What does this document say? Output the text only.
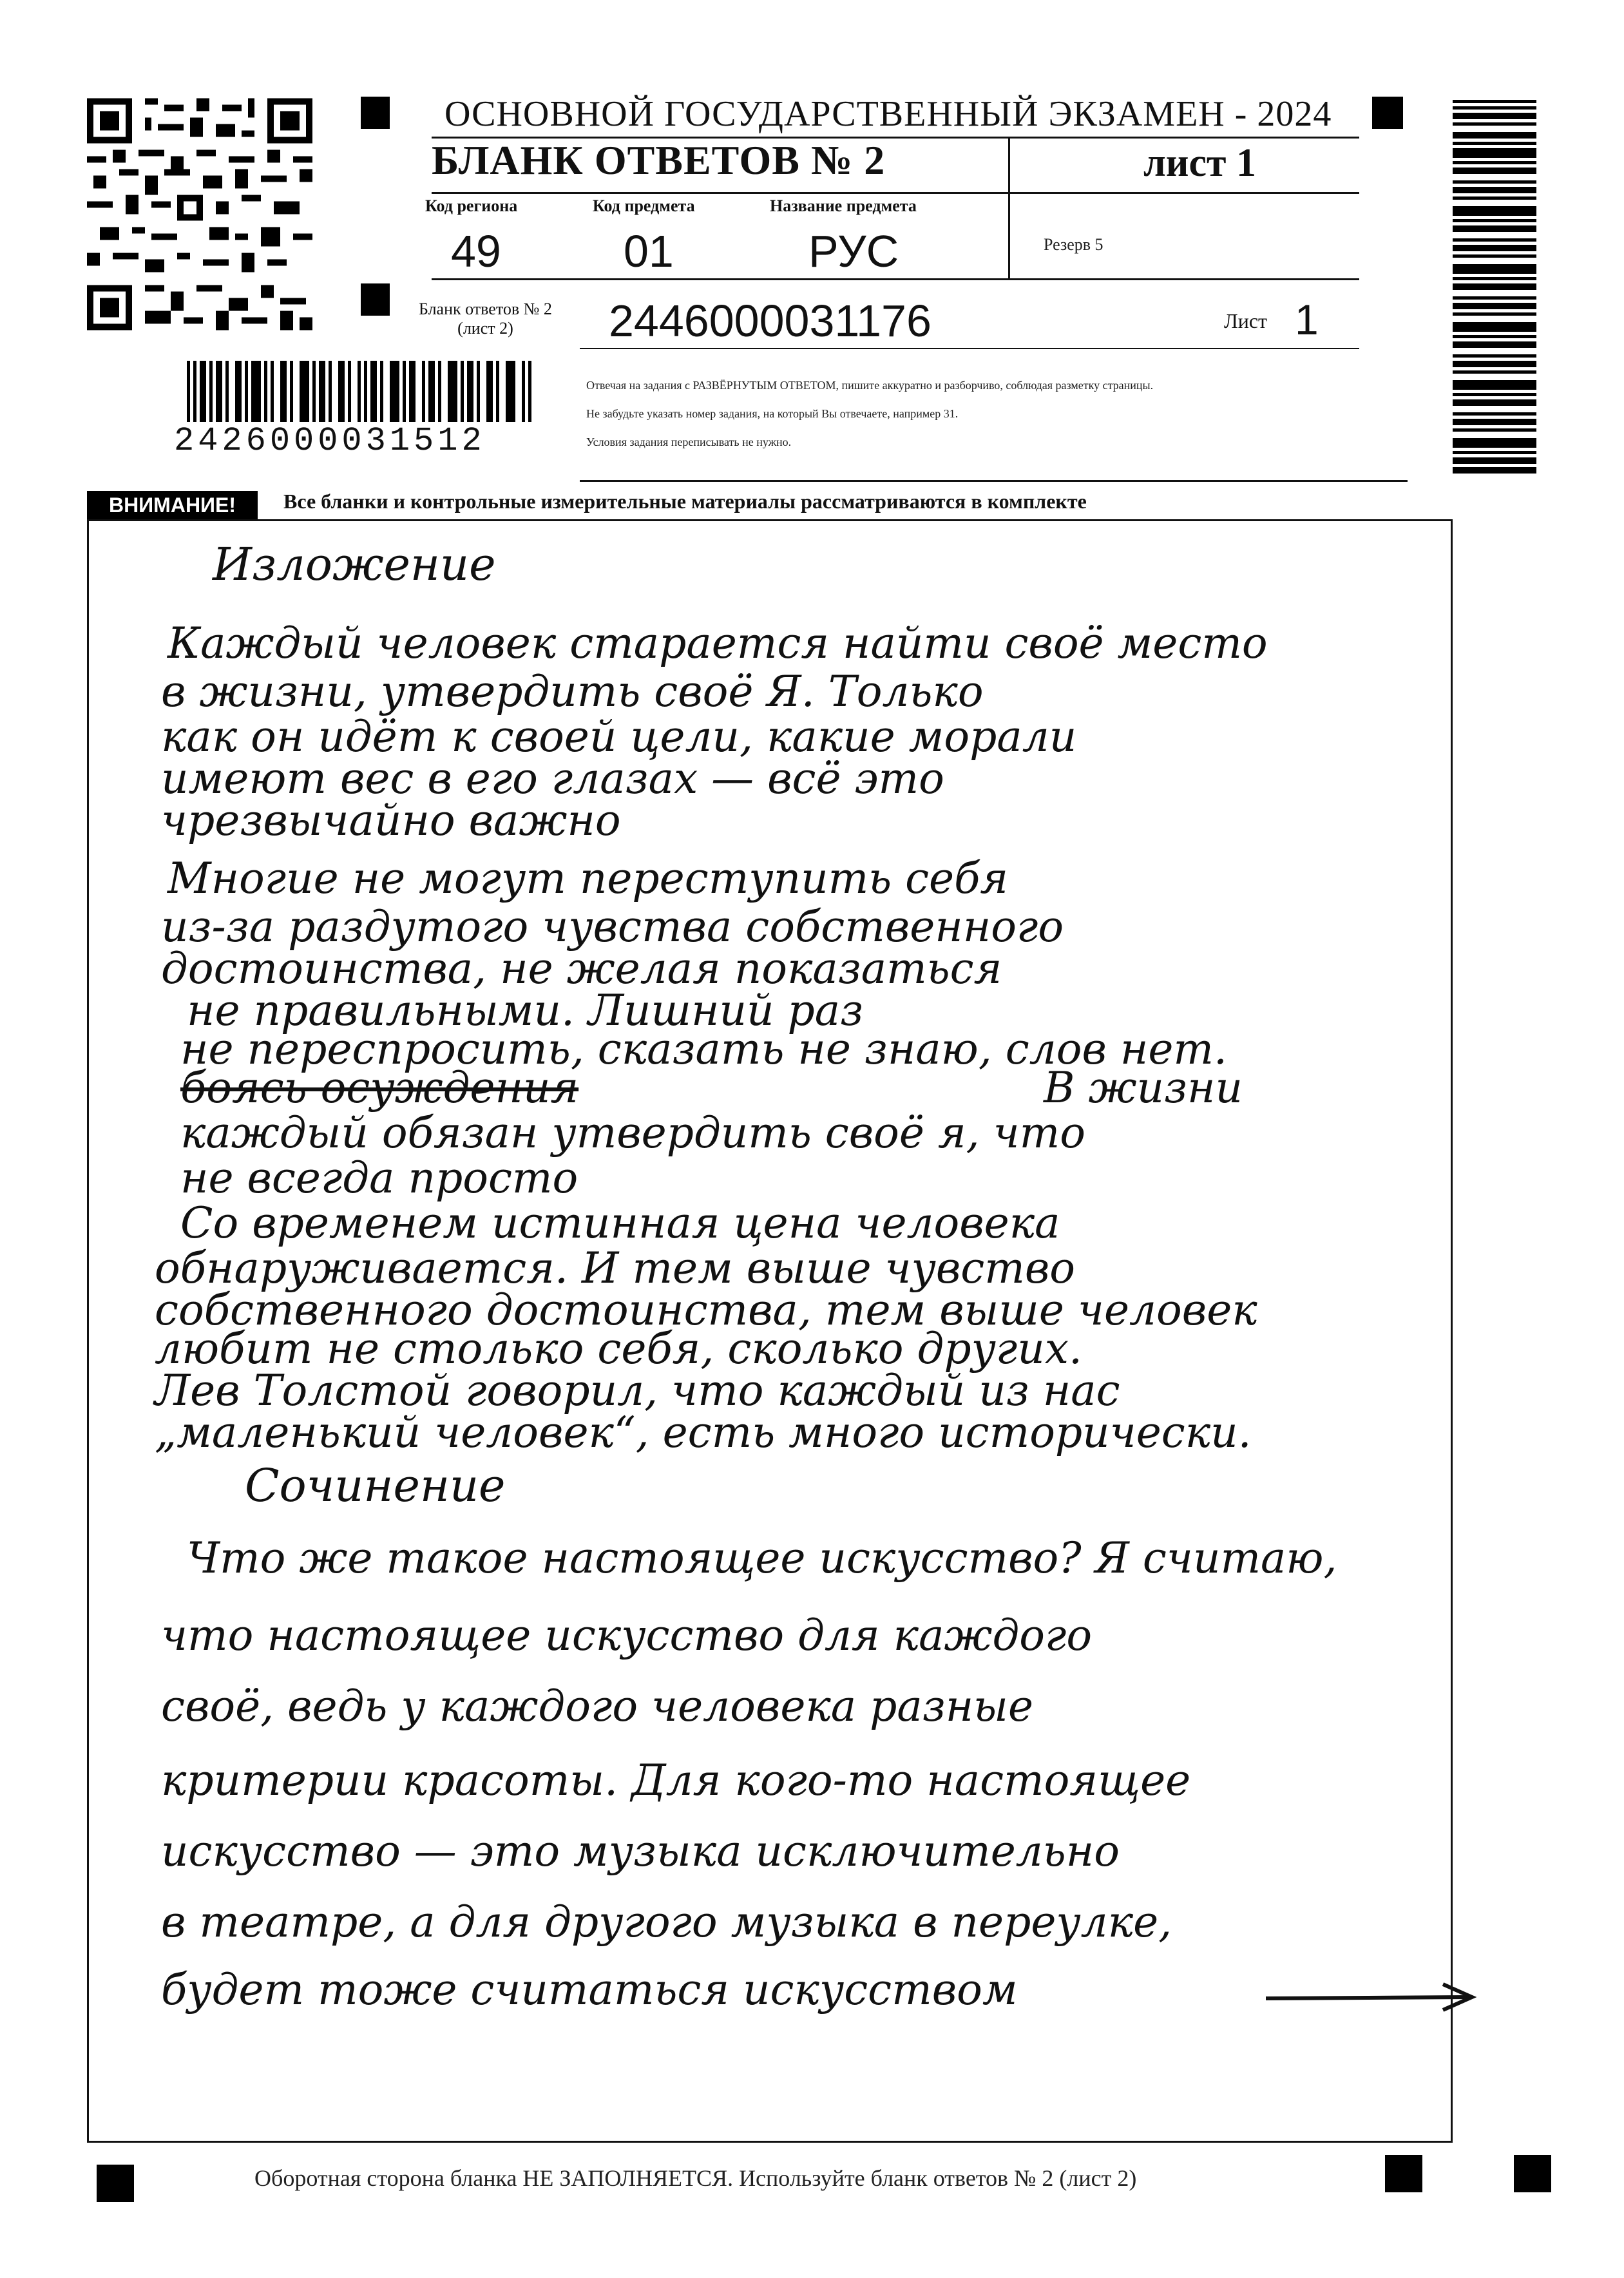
2426000031512
ОСНОВНОЙ ГОСУДАРСТВЕННЫЙ ЭКЗАМЕН - 2024
БЛАНК ОТВЕТОВ № 2	лист 1
Код региона
49
Код предмета
01
Название предмета
РУС	Резерв 5
Бланк ответов № 2
(лист 2)	2446000031176	Лист 1
Отвечая на задания с РАЗВЁРНУТЫМ ОТВЕТОМ, пишите аккуратно и разборчиво, соблюдая разметку страницы.
Не забудьте указать номер задания, на который Вы отвечаете, например 31.
Условия задания переписывать не нужно.
ВНИМАНИЕ!	Все бланки и контрольные измерительные материалы рассматриваются в комплекте
Изложение
Каждый человек старается найти своё место
в жизни, утвердить своё Я. Только
как он идёт к своей цели, какие морали
имеют вес в его глазах — всё это
чрезвычайно важно
Многие не могут переступить себя
из-за раздутого чувства собственного
достоинства, не желая показаться
не правильными. Лишний раз
не переспросить, сказать не знаю, слов нет.
боясь осуждения	В жизни
каждый обязан утвердить своё я, что
не всегда просто
Со временем истинная цена человека
обнаруживается. И тем выше чувство
собственного достоинства, тем выше человек
любит не столько себя, сколько других.
Лев Толстой говорил, что каждый из нас
„маленький человек“, есть много исторически.
Сочинение
Что же такое настоящее искусство? Я считаю,
что настоящее искусство для каждого
своё, ведь у каждого человека разные
критерии красоты. Для кого-то настоящее
искусство — это музыка исключительно
в театре, а для другого музыка в переулке,
будет тоже считаться искусством
Оборотная сторона бланка НЕ ЗАПОЛНЯЕТСЯ. Используйте бланк ответов № 2 (лист 2)
